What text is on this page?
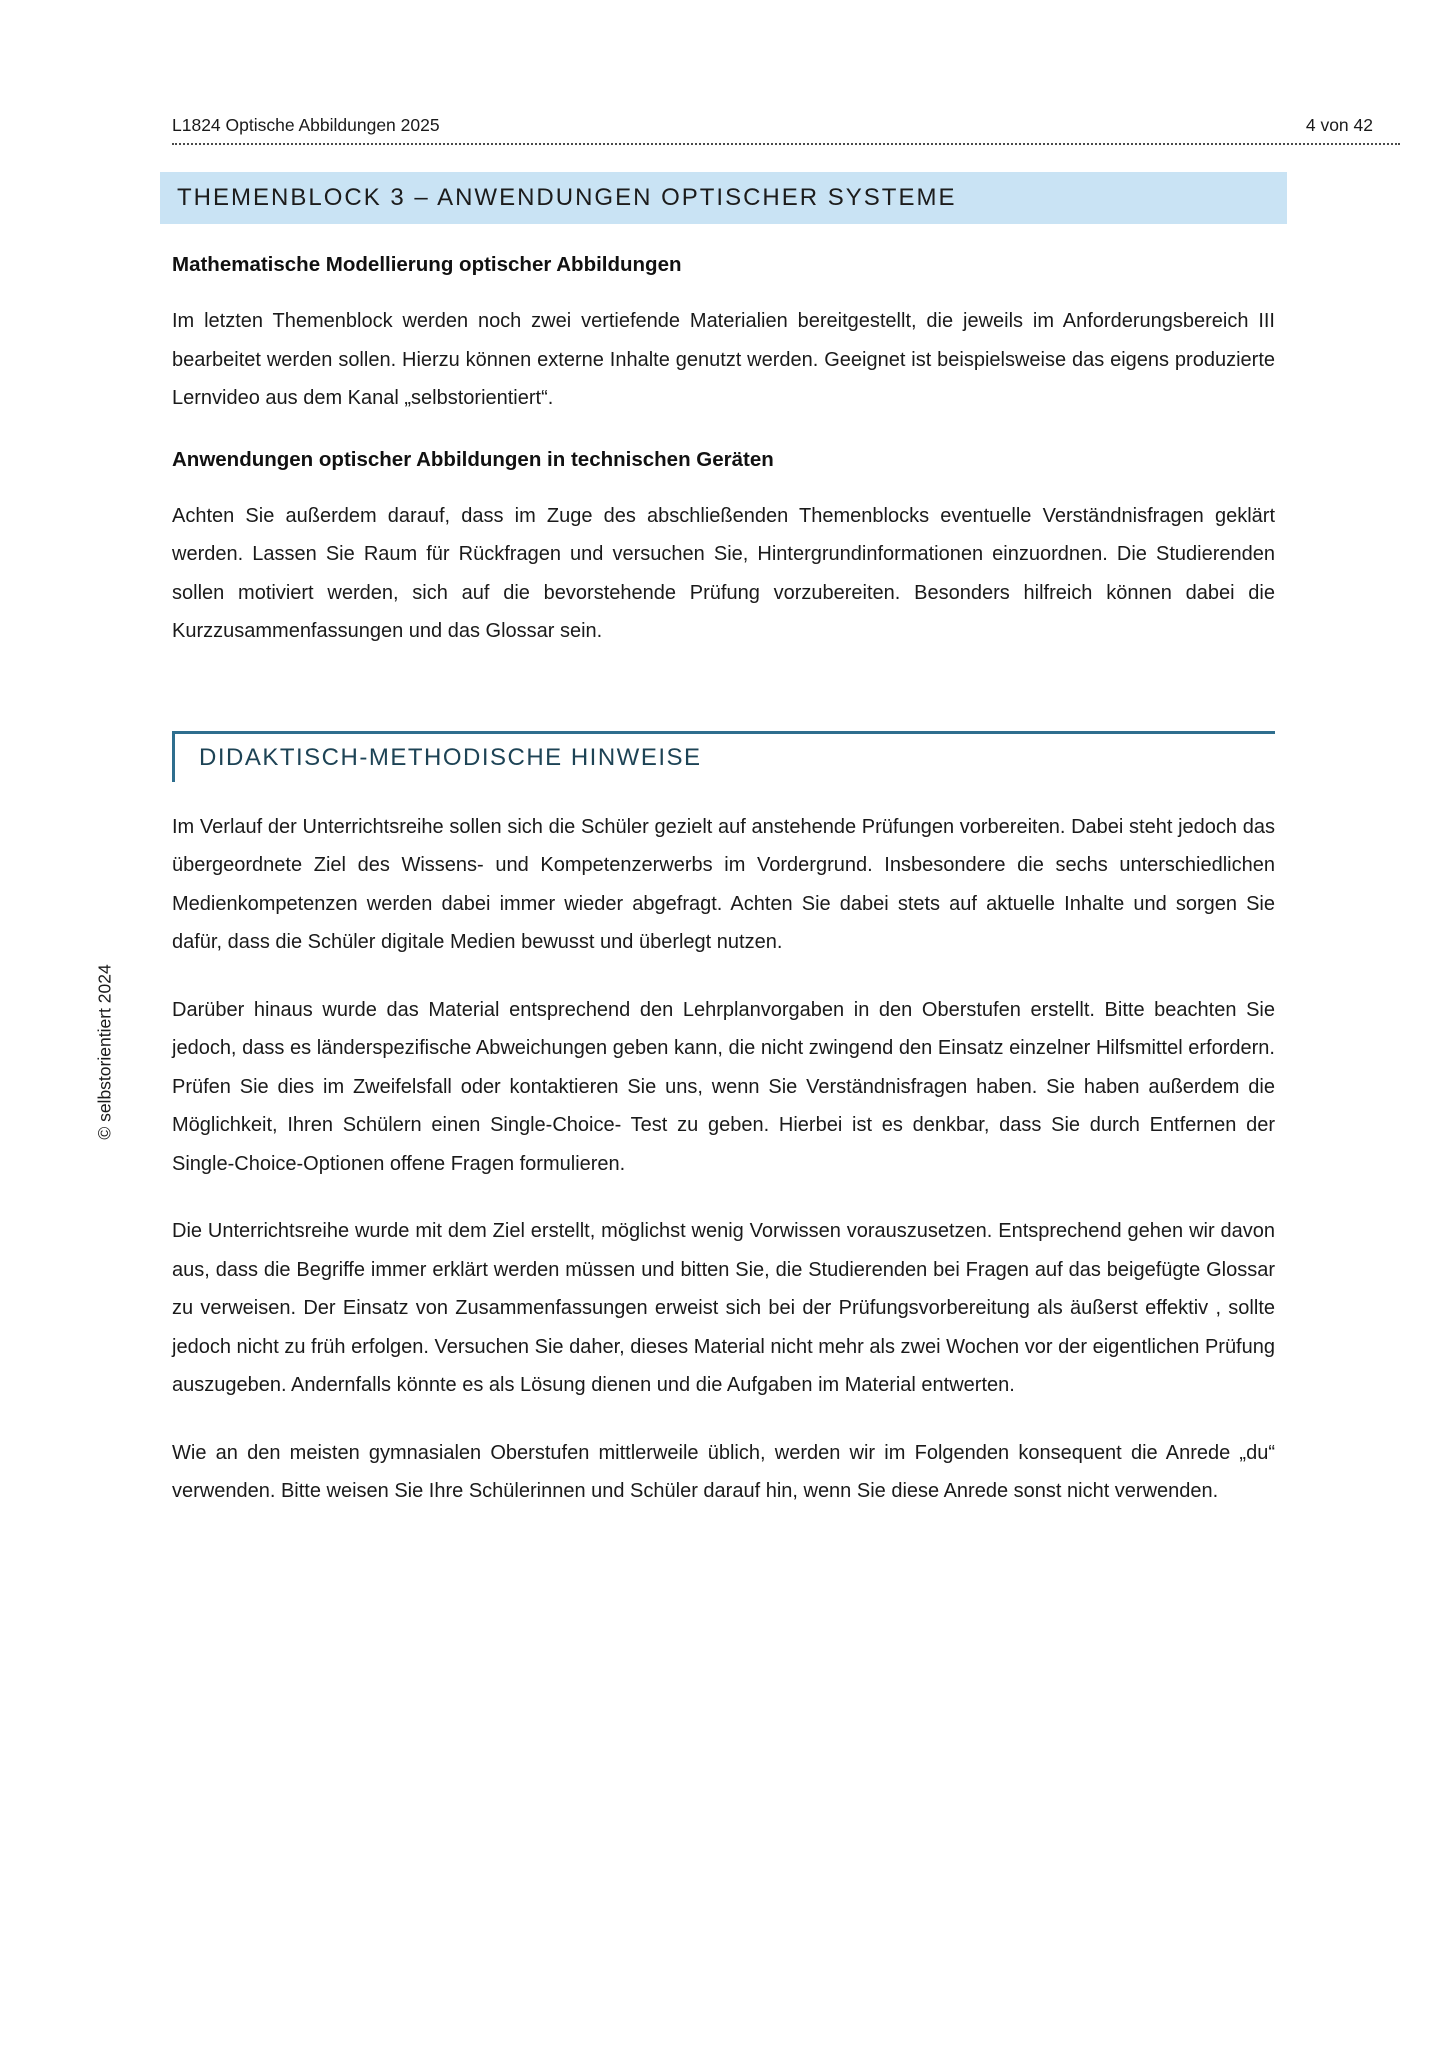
L1824 Optische Abbildungen 2025	4 von 42
THEMENBLOCK 3 – ANWENDUNGEN OPTISCHER SYSTEME
Mathematische Modellierung optischer Abbildungen

Im letzten Themenblock werden noch zwei vertiefende Materialien bereitgestellt, die jeweils im Anforderungsbereich III bearbeitet werden sollen. Hierzu können externe Inhalte genutzt werden. Geeignet ist beispielsweise das eigens produzierte Lernvideo aus dem Kanal „selbstorientiert“.

Anwendungen optischer Abbildungen in technischen Geräten

Achten Sie außerdem darauf, dass im Zuge des abschließenden Themenblocks eventuelle Verständnisfragen geklärt werden. Lassen Sie Raum für Rückfragen und versuchen Sie, Hintergrundinformationen einzuordnen. Die Studierenden sollen motiviert werden, sich auf die bevorstehende Prüfung vorzubereiten. Besonders hilfreich können dabei die Kurzzusammenfassungen und das Glossar sein.

DIDAKTISCH-METHODISCHE HINWEISE

Im Verlauf der Unterrichtsreihe sollen sich die Schüler gezielt auf anstehende Prüfungen vorbereiten. Dabei steht jedoch das übergeordnete Ziel des Wissens- und Kompetenzerwerbs im Vordergrund. Insbesondere die sechs unterschiedlichen Medienkompetenzen werden dabei immer wieder abgefragt. Achten Sie dabei stets auf aktuelle Inhalte und sorgen Sie dafür, dass die Schüler digitale Medien bewusst und überlegt nutzen.

Darüber hinaus wurde das Material entsprechend den Lehrplanvorgaben in den Oberstufen erstellt. Bitte beachten Sie jedoch, dass es länderspezifische Abweichungen geben kann, die nicht zwingend den Einsatz einzelner Hilfsmittel erfordern. Prüfen Sie dies im Zweifelsfall oder kontaktieren Sie uns, wenn Sie Verständnisfragen haben. Sie haben außerdem die Möglichkeit, Ihren Schülern einen Single-Choice- Test zu geben. Hierbei ist es denkbar, dass Sie durch Entfernen der Single-Choice-Optionen offene Fragen formulieren.

Die Unterrichtsreihe wurde mit dem Ziel erstellt, möglichst wenig Vorwissen vorauszusetzen. Entsprechend gehen wir davon aus, dass die Begriffe immer erklärt werden müssen und bitten Sie, die Studierenden bei Fragen auf das beigefügte Glossar zu verweisen. Der Einsatz von Zusammenfassungen erweist sich bei der Prüfungsvorbereitung als äußerst effektiv , sollte jedoch nicht zu früh erfolgen. Versuchen Sie daher, dieses Material nicht mehr als zwei Wochen vor der eigentlichen Prüfung auszugeben. Andernfalls könnte es als Lösung dienen und die Aufgaben im Material entwerten.

Wie an den meisten gymnasialen Oberstufen mittlerweile üblich, werden wir im Folgenden konsequent die Anrede „du“ verwenden. Bitte weisen Sie Ihre Schülerinnen und Schüler darauf hin, wenn Sie diese Anrede sonst nicht verwenden.

© selbstorientiert 2024
